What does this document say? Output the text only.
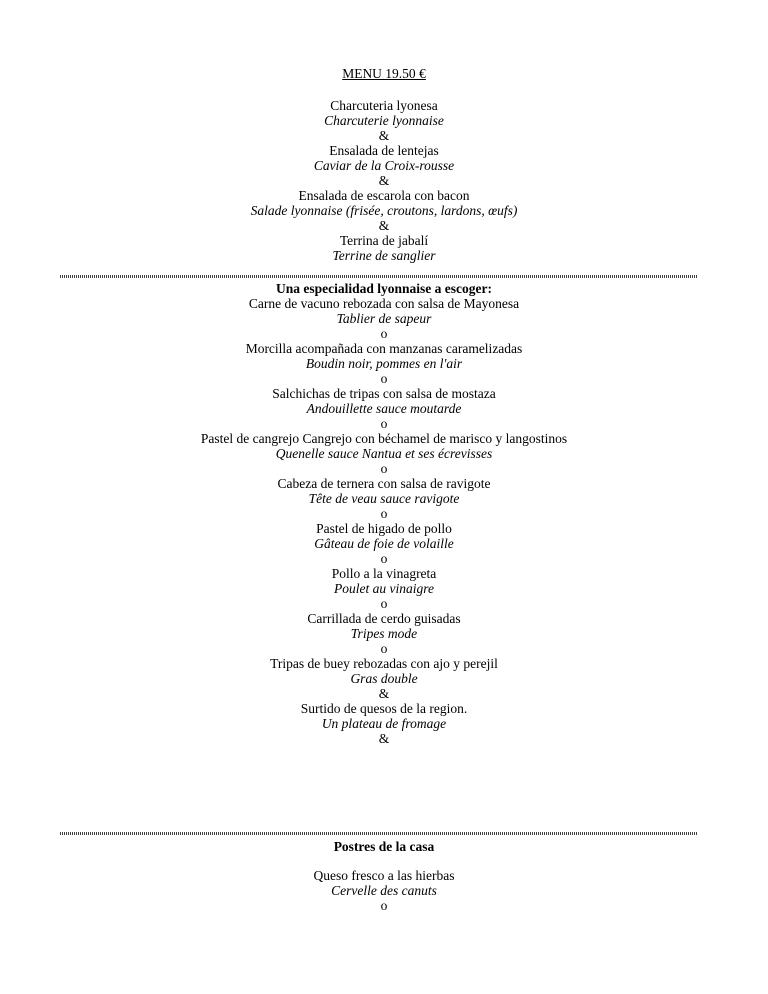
MENU 19.50 €
Charcuteria lyonesa
Charcuterie lyonnaise
&
Ensalada de lentejas
Caviar de la Croix-rousse
&
Ensalada de escarola con bacon
Salade lyonnaise (frisée, croutons, lardons, œufs)
&
Terrina de jabalí
Terrine de sanglier
Una especialidad lyonnaise a escoger:
Carne de vacuno rebozada con salsa de Mayonesa
Tablier de sapeur
o
Morcilla acompañada con manzanas caramelizadas
Boudin noir, pommes en l'air
o
Salchichas de tripas con salsa de mostaza
Andouillette sauce moutarde
o
Pastel de cangrejo Cangrejo con béchamel de marisco y langostinos
Quenelle sauce Nantua et ses écrevisses
o
Cabeza de ternera con salsa de ravigote
Tête de veau sauce ravigote
o
Pastel de higado de pollo
Gâteau de foie de volaille
o
Pollo a la vinagreta
Poulet au vinaigre
o
Carrillada de cerdo guisadas
Tripes mode
o
Tripas de buey rebozadas con ajo y perejil
Gras double
&
Surtido de quesos de la region.
Un plateau de fromage
&
Postres de la casa
Queso fresco a las hierbas
Cervelle des canuts
o
